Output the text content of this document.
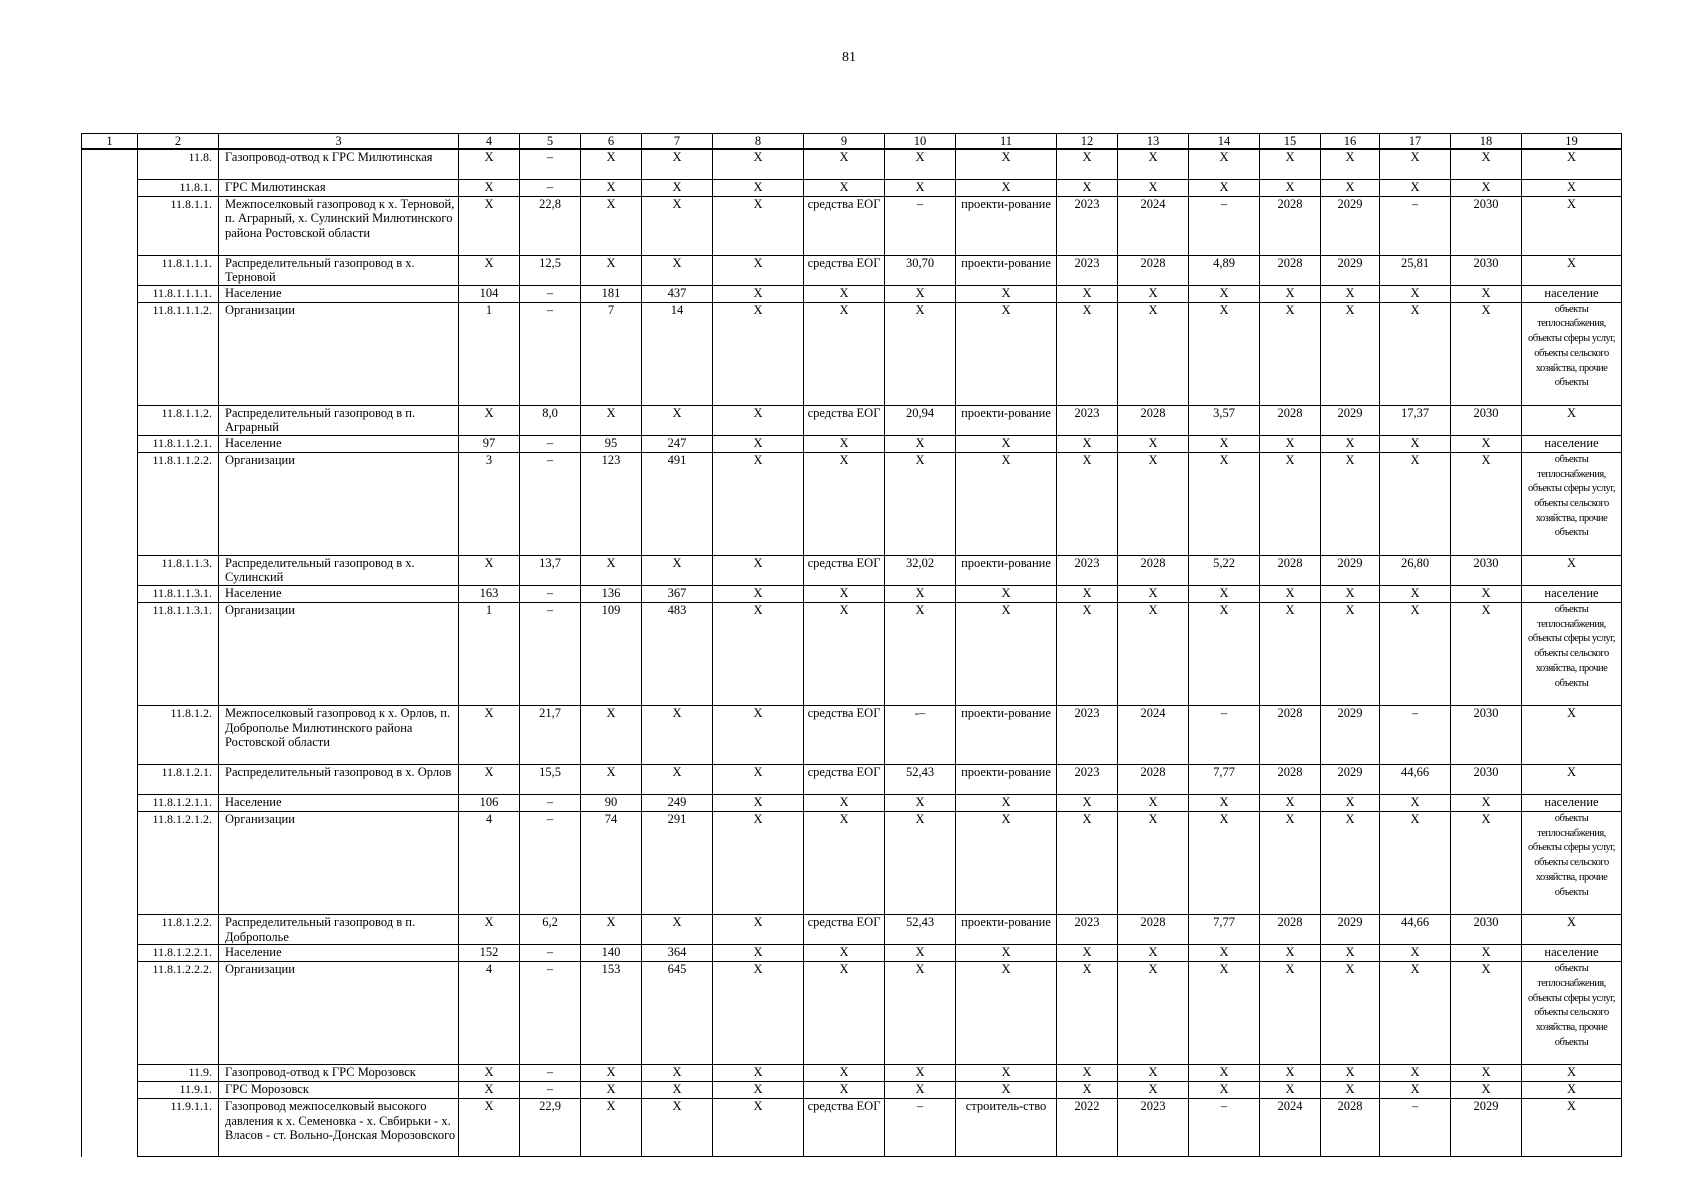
81
1	2	3	4	5	6	7	8	9	10	11	12	13	14	15	16	17	18	19
	11.8.	Газопровод-отвод к ГРС Милютинская	Х	–	Х	Х	Х	Х	Х	Х	Х	Х	Х	Х	Х	Х	Х	Х
	11.8.1.	ГРС Милютинская	Х	–	Х	Х	Х	Х	Х	Х	Х	Х	Х	Х	Х	Х	Х	Х
	11.8.1.1.	Межпоселковый газопровод к х. Терновой, п. Аграрный, х. Сулинский Милютинского района Ростовской области	Х	22,8	Х	Х	Х	средства ЕОГ	–	проекти-рование	2023	2024	–	2028	2029	–	2030	Х
	11.8.1.1.1.	Распределительный газопровод в х. Терновой	Х	12,5	Х	Х	Х	средства ЕОГ	30,70	проекти-рование	2023	2028	4,89	2028	2029	25,81	2030	Х
	11.8.1.1.1.1.	Население	104	–	181	437	Х	Х	Х	Х	Х	Х	Х	Х	Х	Х	Х	население
	11.8.1.1.1.2.	Организации	1	–	7	14	Х	Х	Х	Х	Х	Х	Х	Х	Х	Х	Х	объекты теплоснабжения, объекты сферы услуг, объекты сельского хозяйства, прочие объекты
	11.8.1.1.2.	Распределительный газопровод в п. Аграрный	Х	8,0	Х	Х	Х	средства ЕОГ	20,94	проекти-рование	2023	2028	3,57	2028	2029	17,37	2030	Х
	11.8.1.1.2.1.	Население	97	–	95	247	Х	Х	Х	Х	Х	Х	Х	Х	Х	Х	Х	население
	11.8.1.1.2.2.	Организации	3	–	123	491	Х	Х	Х	Х	Х	Х	Х	Х	Х	Х	Х	объекты теплоснабжения, объекты сферы услуг, объекты сельского хозяйства, прочие объекты
	11.8.1.1.3.	Распределительный газопровод в х. Сулинский	Х	13,7	Х	Х	Х	средства ЕОГ	32,02	проекти-рование	2023	2028	5,22	2028	2029	26,80	2030	Х
	11.8.1.1.3.1.	Население	163	–	136	367	Х	Х	Х	Х	Х	Х	Х	Х	Х	Х	Х	население
	11.8.1.1.3.1.	Организации	1	–	109	483	Х	Х	Х	Х	Х	Х	Х	Х	Х	Х	Х	объекты теплоснабжения, объекты сферы услуг, объекты сельского хозяйства, прочие объекты
	11.8.1.2.	Межпоселковый газопровод к х. Орлов, п. Доброполье Милютинского района Ростовской области	Х	21,7	Х	Х	Х	средства ЕОГ	-–	проекти-рование	2023	2024	–	2028	2029	–	2030	Х
	11.8.1.2.1.	Распределительный газопровод в х. Орлов	Х	15,5	Х	Х	Х	средства ЕОГ	52,43	проекти-рование	2023	2028	7,77	2028	2029	44,66	2030	Х
	11.8.1.2.1.1.	Население	106	–	90	249	Х	Х	Х	Х	Х	Х	Х	Х	Х	Х	Х	население
	11.8.1.2.1.2.	Организации	4	–	74	291	Х	Х	Х	Х	Х	Х	Х	Х	Х	Х	Х	объекты теплоснабжения, объекты сферы услуг, объекты сельского хозяйства, прочие объекты
	11.8.1.2.2.	Распределительный газопровод в п. Доброполье	Х	6,2	Х	Х	Х	средства ЕОГ	52,43	проекти-рование	2023	2028	7,77	2028	2029	44,66	2030	Х
	11.8.1.2.2.1.	Население	152	–	140	364	Х	Х	Х	Х	Х	Х	Х	Х	Х	Х	Х	население
	11.8.1.2.2.2.	Организации	4	–	153	645	Х	Х	Х	Х	Х	Х	Х	Х	Х	Х	Х	объекты теплоснабжения, объекты сферы услуг, объекты сельского хозяйства, прочие объекты
	11.9.	Газопровод-отвод к ГРС Морозовск	Х	–	Х	Х	Х	Х	Х	Х	Х	Х	Х	Х	Х	Х	Х	Х
	11.9.1.	ГРС Морозовск	Х	–	Х	Х	Х	Х	Х	Х	Х	Х	Х	Х	Х	Х	Х	Х
	11.9.1.1.	Газопровод межпоселковый высокого давления к х. Семеновка - х. Свбирьки - х. Власов - ст. Вольно-Донская Морозовского	Х	22,9	Х	Х	Х	средства ЕОГ	–	строитель-ство	2022	2023	–	2024	2028	–	2029	Х
